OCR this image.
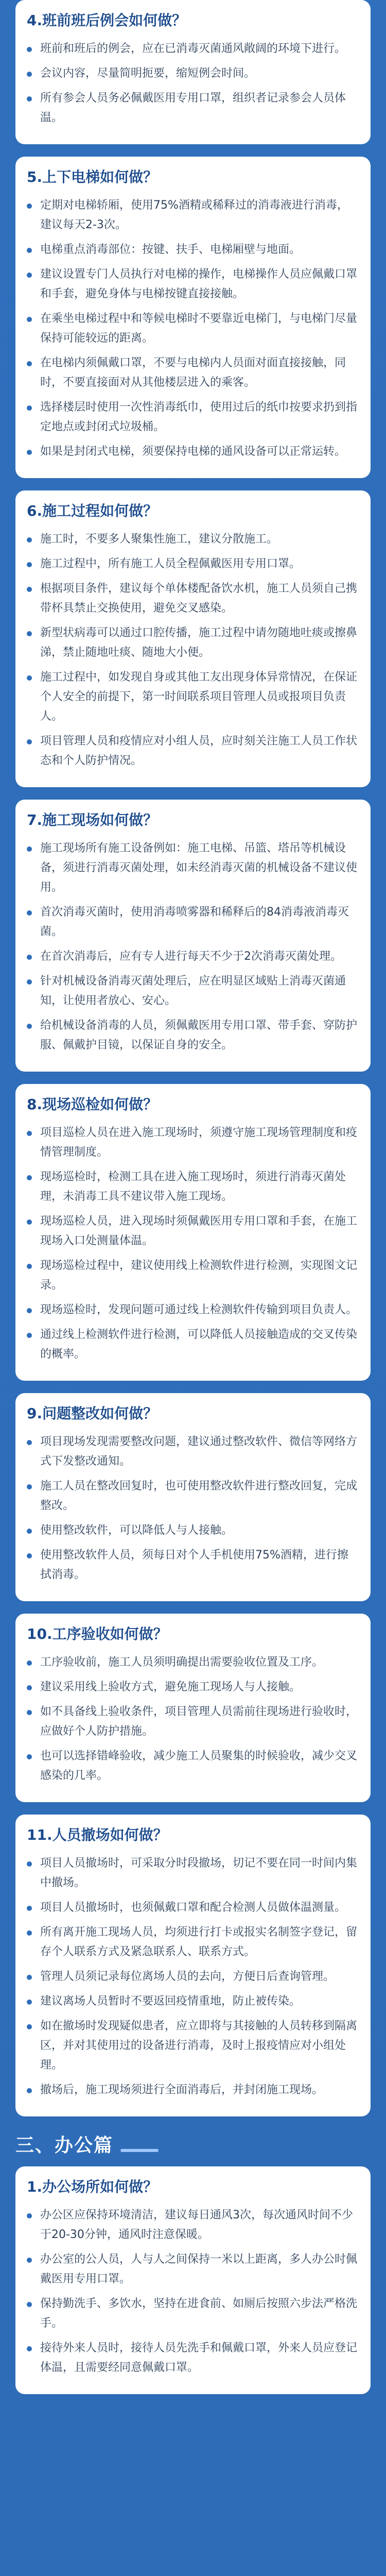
4.班前班后例会如何做？
班前和班后的例会，应在已消毒灭菌通风敞阔的环境下进行。
会议内容，尽量简明扼要，缩短例会时间。
所有参会人员务必佩戴医用专用口罩，组织者记录参会人员体温。
5.上下电梯如何做？
定期对电梯轿厢，使用75%酒精或稀释过的消毒液进行消毒，建议每天2-3次。
电梯重点消毒部位：按键、扶手、电梯厢壁与地面。
建议设置专门人员执行对电梯的操作，电梯操作人员应佩戴口罩和手套，避免身体与电梯按键直接接触。
在乘坐电梯过程中和等候电梯时不要靠近电梯门，与电梯门尽量保持可能较远的距离。
在电梯内须佩戴口罩，不要与电梯内人员面对面直接接触，同时，不要直接面对从其他楼层进入的乘客。
选择楼层时使用一次性消毒纸巾，使用过后的纸巾按要求扔到指定地点或封闭式垃圾桶。
如果是封闭式电梯，须要保持电梯的通风设备可以正常运转。
6.施工过程如何做？
施工时，不要多人聚集性施工，建议分散施工。
施工过程中，所有施工人员全程佩戴医用专用口罩。
根据项目条件，建议每个单体楼配备饮水机，施工人员须自己携带杯具禁止交换使用，避免交叉感染。
新型状病毒可以通过口腔传播，施工过程中请勿随地吐痰或擦鼻涕，禁止随地吐痰、随地大小便。
施工过程中，如发现自身或其他工友出现身体异常情况，在保证个人安全的前提下，第一时间联系项目管理人员或报项目负责人。
项目管理人员和疫情应对小组人员，应时刻关注施工人员工作状态和个人防护情况。
7.施工现场如何做？
施工现场所有施工设备例如：施工电梯、吊篮、塔吊等机械设备，须进行消毒灭菌处理，如未经消毒灭菌的机械设备不建议使用。
首次消毒灭菌时，使用消毒喷雾器和稀释后的84消毒液消毒灭菌。
在首次消毒后，应有专人进行每天不少于2次消毒灭菌处理。
针对机械设备消毒灭菌处理后，应在明显区域贴上消毒灭菌通知，让使用者放心、安心。
给机械设备消毒的人员，须佩戴医用专用口罩、带手套、穿防护服、佩戴护目镜，以保证自身的安全。
8.现场巡检如何做？
项目巡检人员在进入施工现场时，须遵守施工现场管理制度和疫情管理制度。
现场巡检时，检测工具在进入施工现场时，须进行消毒灭菌处理，未消毒工具不建议带入施工现场。
现场巡检人员，进入现场时须佩戴医用专用口罩和手套，在施工现场入口处测量体温。
现场巡检过程中，建议使用线上检测软件进行检测，实现图文记录。
现场巡检时，发现问题可通过线上检测软件传输到项目负责人。
通过线上检测软件进行检测，可以降低人员接触造成的交叉传染的概率。
9.问题整改如何做？
项目现场发现需要整改问题，建议通过整改软件、微信等网络方式下发整改通知。
施工人员在整改回复时，也可使用整改软件进行整改回复，完成整改。
使用整改软件，可以降低人与人接触。
使用整改软件人员，须每日对个人手机使用75%酒精，进行擦拭消毒。
10.工序验收如何做？
工序验收前，施工人员须明确提出需要验收位置及工序。
建议采用线上验收方式，避免施工现场人与人接触。
如不具备线上验收条件，项目管理人员需前往现场进行验收时，应做好个人防护措施。
也可以选择错峰验收，减少施工人员聚集的时候验收，减少交叉感染的几率。
11.人员撤场如何做？
项目人员撤场时，可采取分时段撤场，切记不要在同一时间内集中撤场。
项目人员撤场时，也须佩戴口罩和配合检测人员做体温测量。
所有离开施工现场人员，均须进行打卡或报实名制签字登记，留存个人联系方式及紧急联系人、联系方式。
管理人员须记录每位离场人员的去向，方便日后查询管理。
建议离场人员暂时不要返回疫情重地，防止被传染。
如在撤场时发现疑似患者，应立即将与其接触的人员转移到隔离区，并对其使用过的设备进行消毒，及时上报疫情应对小组处理。
撤场后，施工现场须进行全面消毒后，并封闭施工现场。
三、办公篇
1.办公场所如何做？
办公区应保持环境清洁，建议每日通风3次，每次通风时间不少于20-30分钟，通风时注意保暖。
办公室的公人员，人与人之间保持一米以上距离，多人办公时佩戴医用专用口罩。
保持勤洗手、多饮水，坚持在进食前、如厕后按照六步法严格洗手。
接待外来人员时，接待人员先洗手和佩戴口罩，外来人员应登记体温，且需要经同意佩戴口罩。
